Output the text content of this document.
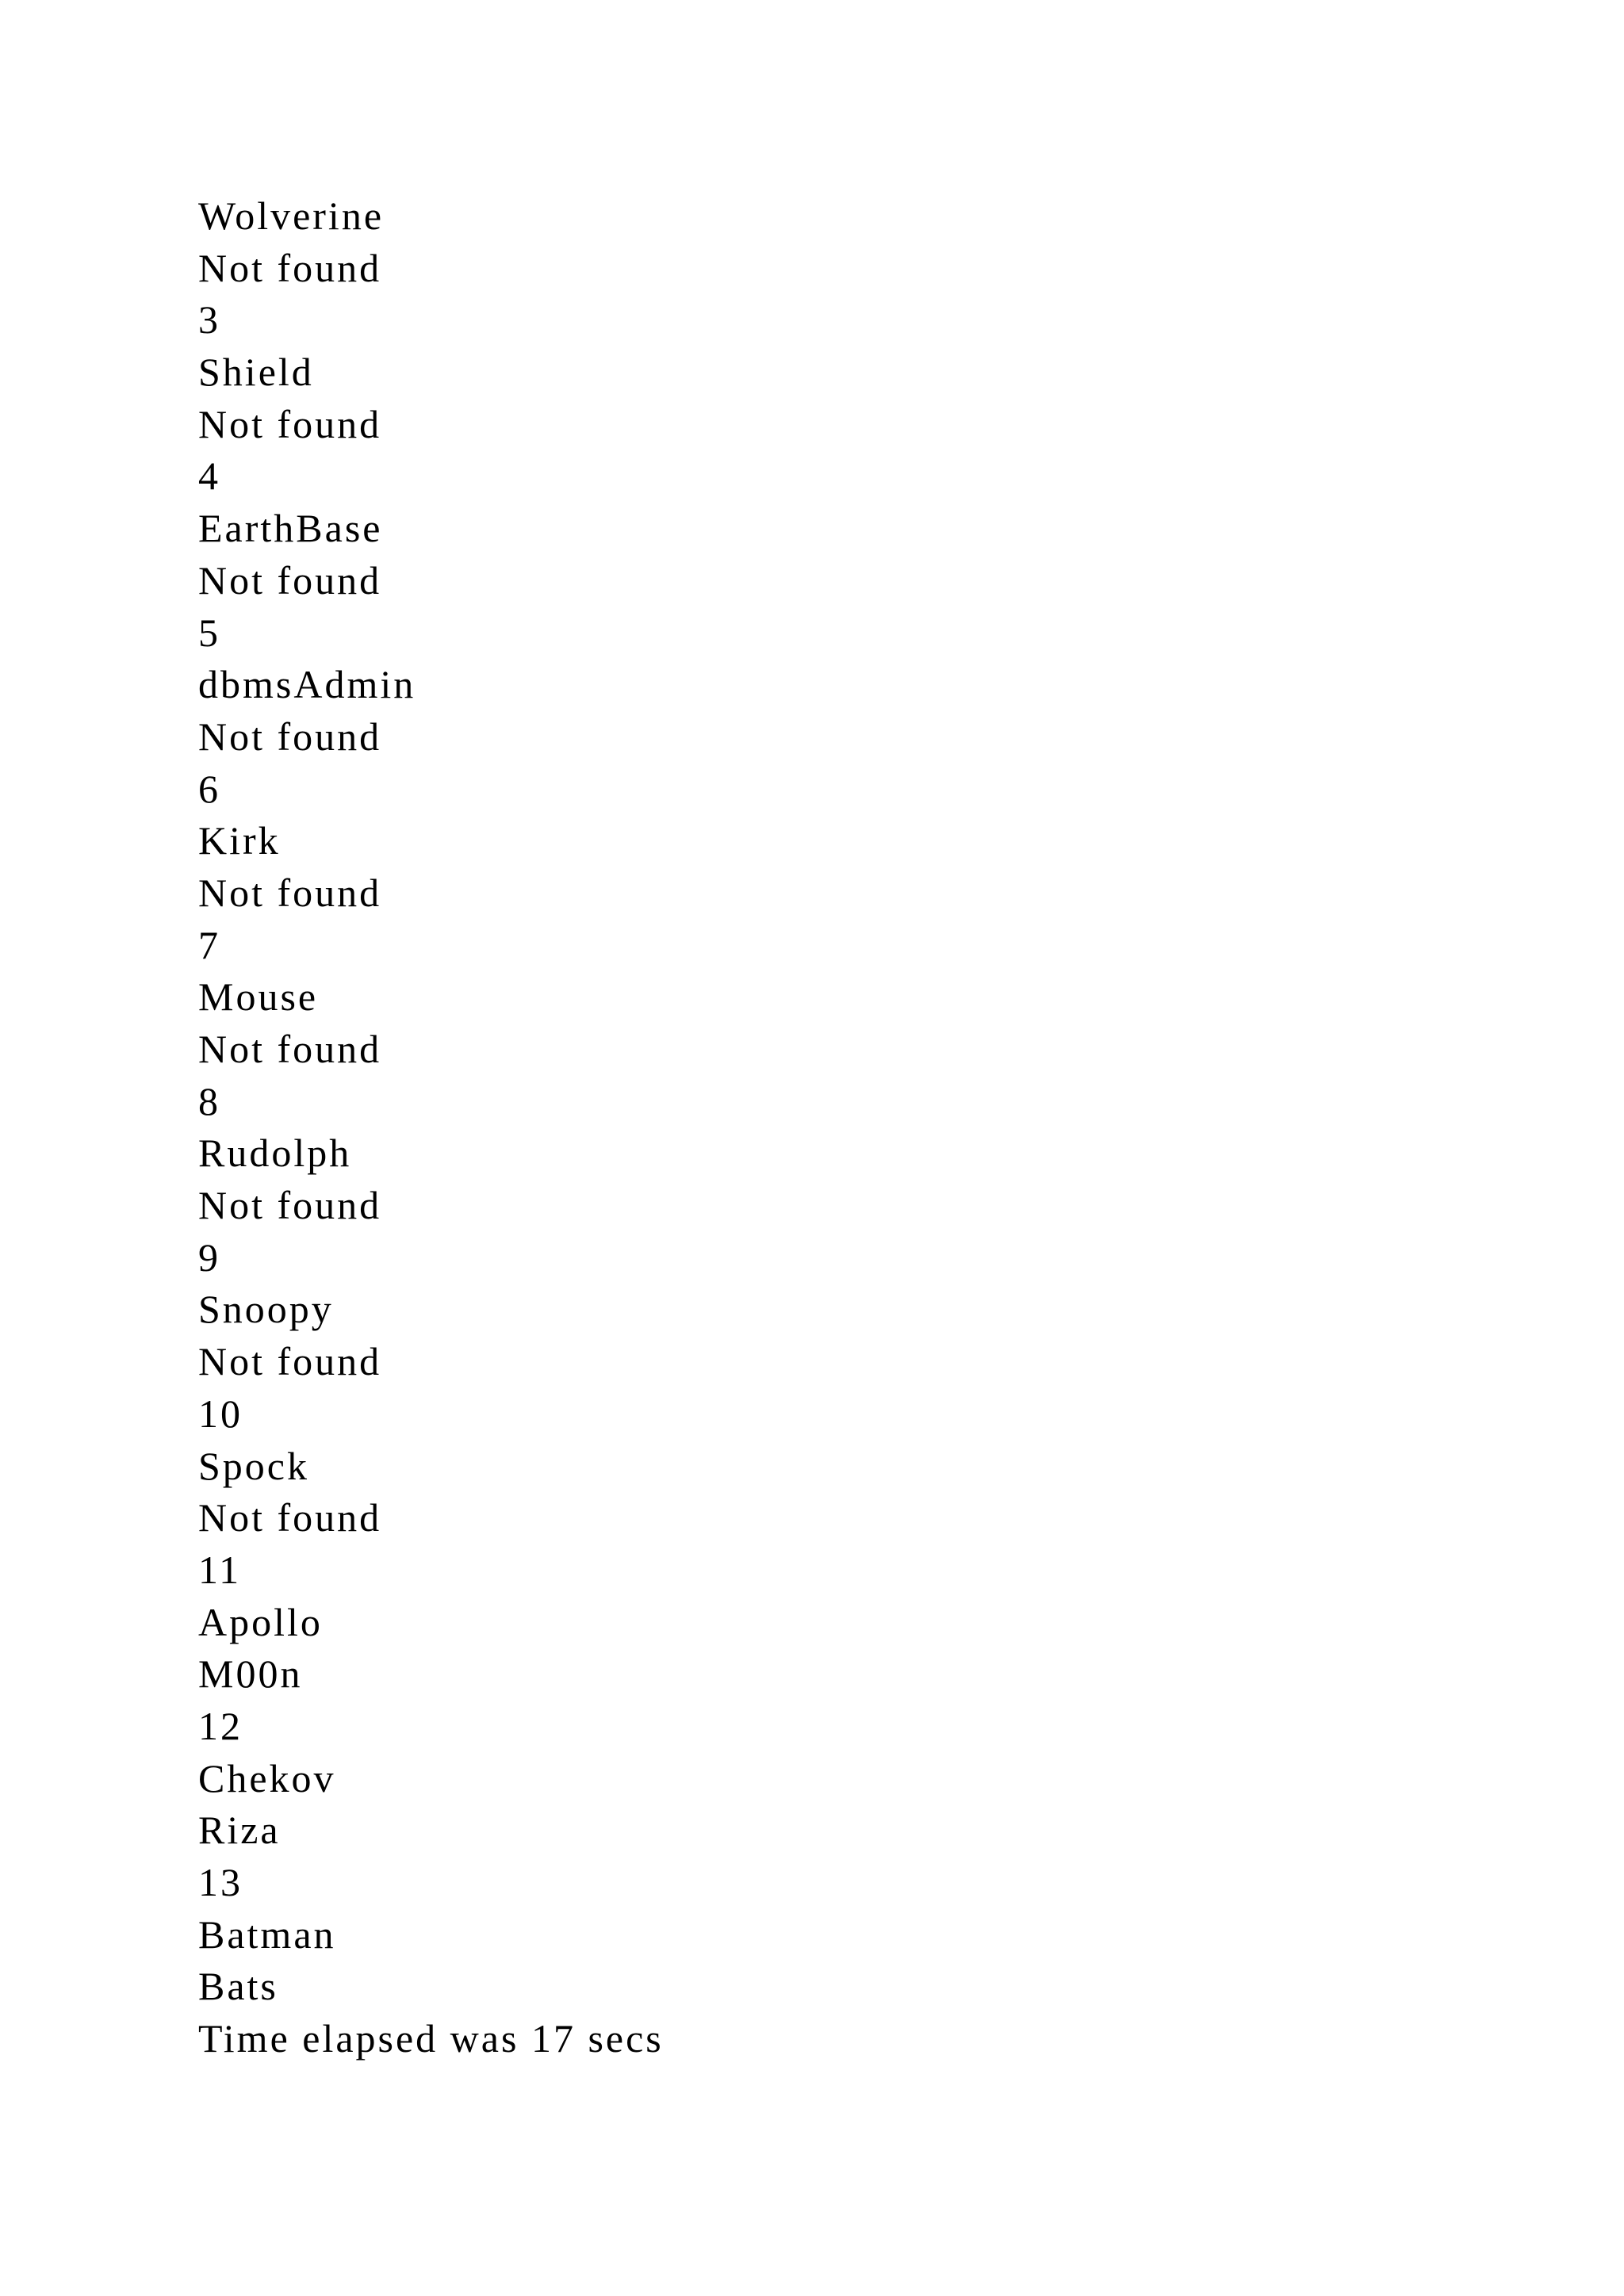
Wolverine
Not found
3
Shield
Not found
4
EarthBase
Not found
5
dbmsAdmin
Not found
6
Kirk
Not found
7
Mouse
Not found
8
Rudolph
Not found
9
Snoopy
Not found
10
Spock
Not found
11
Apollo
M00n
12
Chekov
Riza
13
Batman
Bats
Time elapsed was 17 secs
